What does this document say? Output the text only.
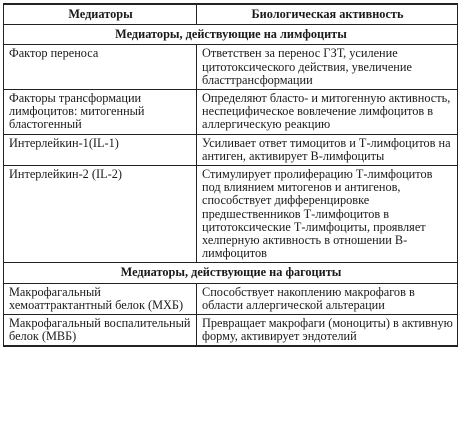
Медиаторы	Биологическая активность
Медиаторы, действующие на лимфоциты	
Фактор переноса	Ответствен за перенос ГЗТ, усиление цитотоксического действия, увеличение бласттрансформации
Факторы трансформации лимфоцитов: митогенный бластогенный	Определяют бласто- и митогенную активность, неспецифическое вовлечение лимфоцитов в аллергическую реакцию
Интерлейкин-1(IL-1)	Усиливает ответ тимоцитов и Т-лимфоцитов на антиген, активирует В-лимфоциты
Интерлейкин-2 (IL-2)	Стимулирует пролиферацию Т-лимфоцитов под влиянием митогенов и антигенов, способствует дифференцировке предшественников Т-лимфоцитов в цитотоксические Т-лимфоциты, проявляет хелперную активность в отношении В-лимфоцитов
Медиаторы, действующие на фагоциты	
Макрофагальный хемоаттрактантный белок (МХБ)	Способствует накоплению макрофагов в области аллергической альтерации
Макрофагальный воспалительный белок (МВБ)	Превращает макрофаги (моноциты) в активную форму, активирует эндотелий
